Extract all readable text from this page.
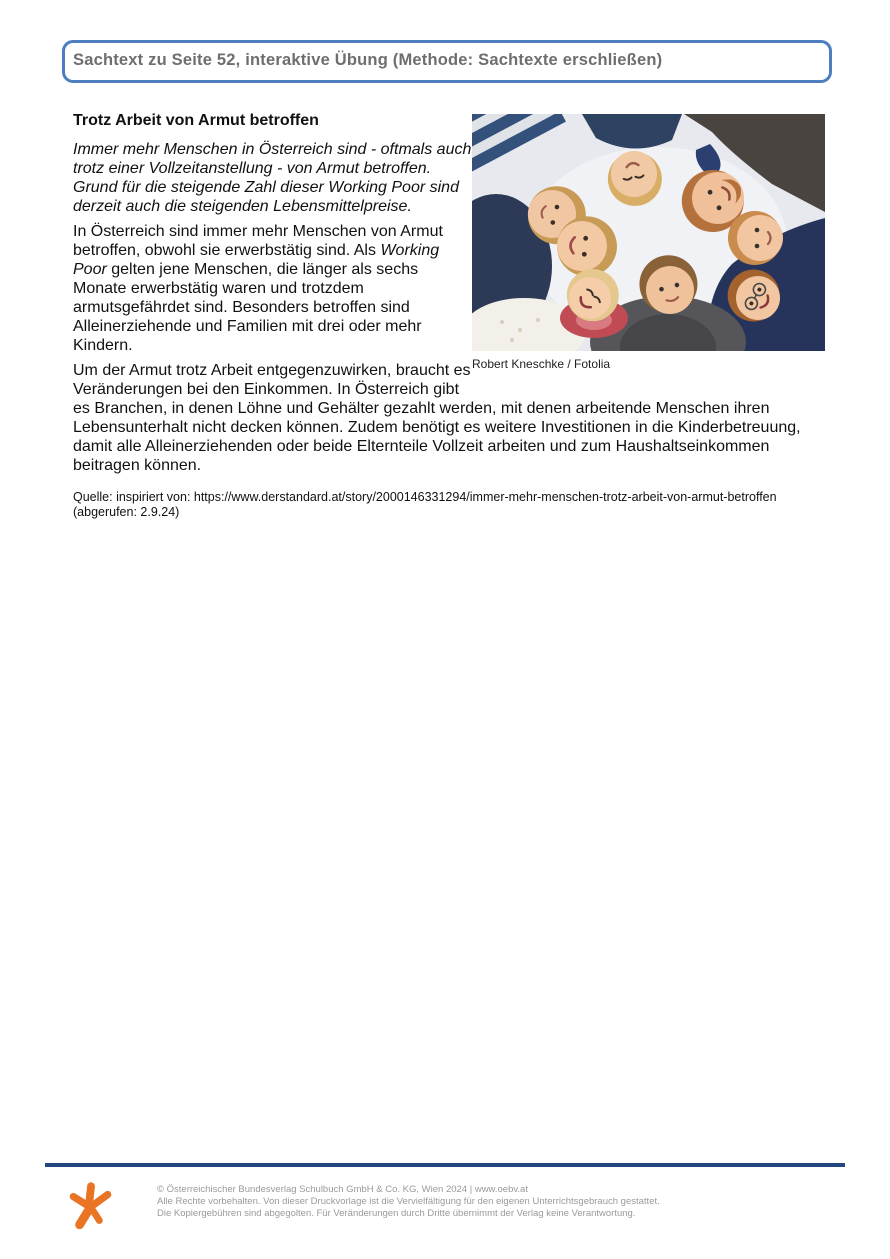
Sachtext zu Seite 52, interaktive Übung (Methode: Sachtexte erschließen)
Robert Kneschke / Fotolia
Trotz Arbeit von Armut betroffen

Immer mehr Menschen in Österreich sind - oftmals auch trotz einer Vollzeitanstellung - von Armut betroffen. Grund für die steigende Zahl dieser Working Poor sind derzeit auch die steigenden Lebensmittelpreise.

In Österreich sind immer mehr Menschen von Armut betroffen, obwohl sie erwerbstätig sind. Als Working Poor gelten jene Menschen, die länger als sechs Monate erwerbstätig waren und trotzdem armutsgefährdet sind. Besonders betroffen sind Alleinerziehende und Familien mit drei oder mehr Kindern.

Um der Armut trotz Arbeit entgegenzuwirken, braucht es Veränderungen bei den Einkommen. In Österreich gibt es Branchen, in denen Löhne und Gehälter gezahlt werden, mit denen arbeitende Menschen ihren Lebensunterhalt nicht decken können. Zudem benötigt es weitere Investitionen in die Kinderbetreuung, damit alle Alleinerziehenden oder beide Elternteile Vollzeit arbeiten und zum Haushaltseinkommen beitragen können.

Quelle: inspiriert von: https://www.derstandard.at/story/2000146331294/immer-mehr-menschen-trotz-arbeit-von-armut-betroffen (abgerufen: 2.9.24)
© Österreichischer Bundesverlag Schulbuch GmbH & Co. KG, Wien 2024 | www.oebv.at
Alle Rechte vorbehalten. Von dieser Druckvorlage ist die Vervielfältigung für den eigenen Unterrichtsgebrauch gestattet.
Die Kopiergebühren sind abgegolten. Für Veränderungen durch Dritte übernimmt der Verlag keine Verantwortung.
